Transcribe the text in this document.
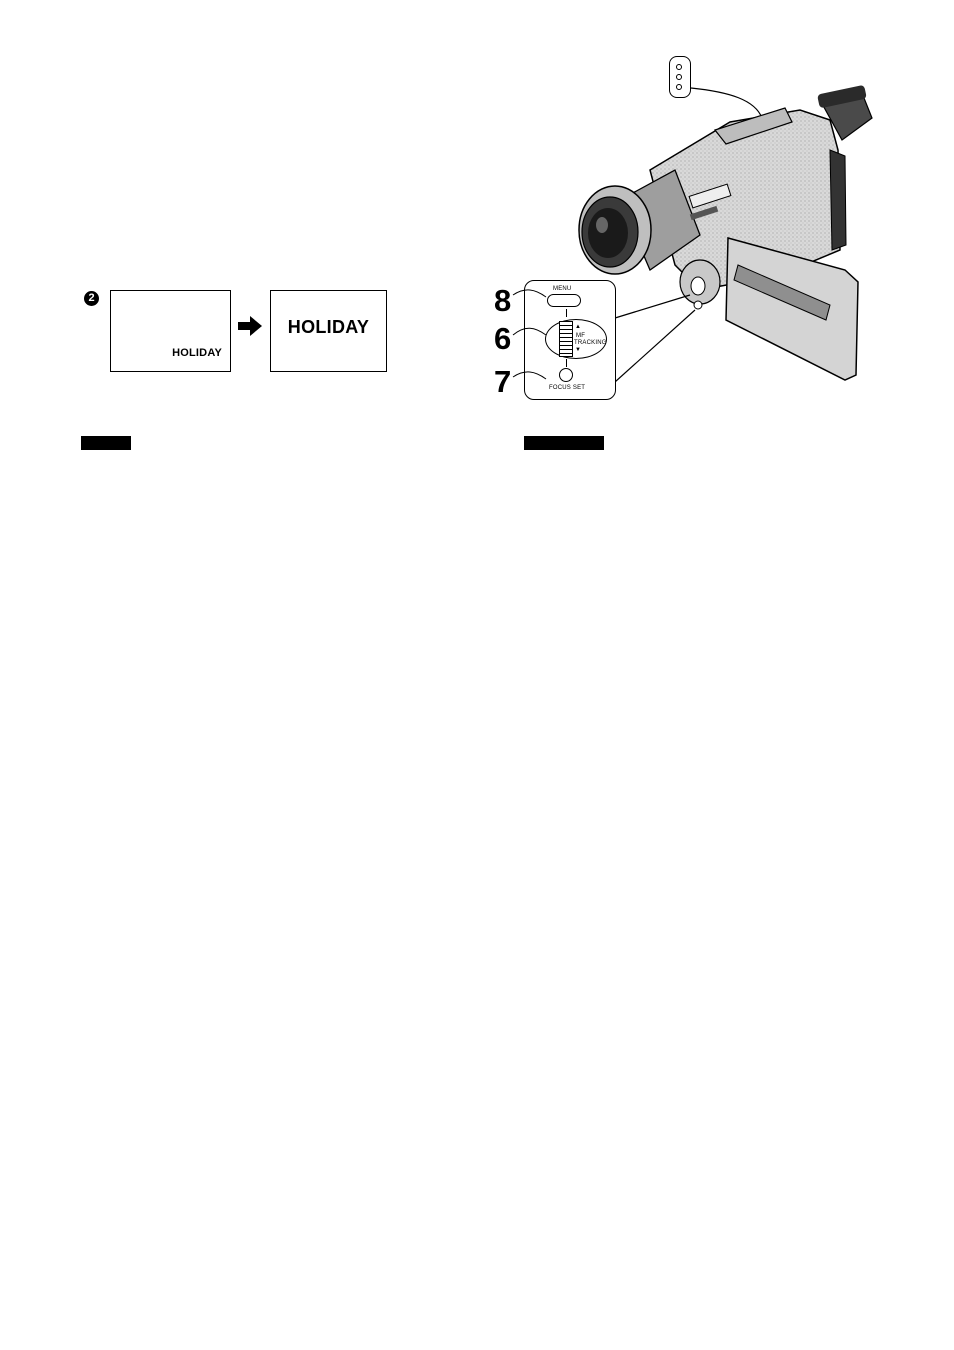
2
HOLIDAY
HOLIDAY
MENU
▲
MF
TRACKING
▼
FOCUS SET
8
6
7
